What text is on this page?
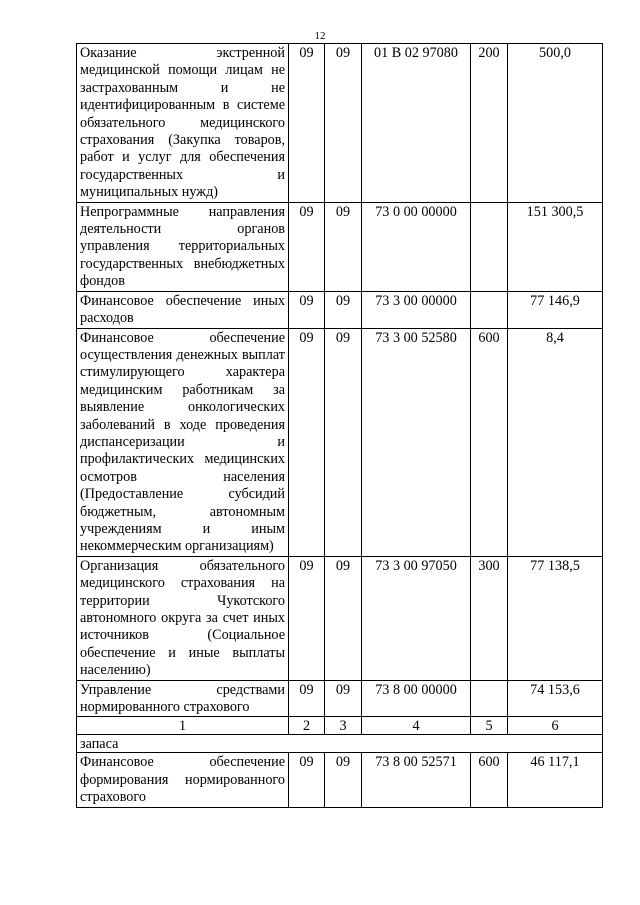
12
Оказание экстренной медицинской помощи лицам не застрахованным и не идентифицированным в системе обязательного медицинского страхования (Закупка товаров, работ и услуг для обеспечения государственных и муниципальных нужд)	09	09	01 В 02 97080	200	500,0
Непрограммные направления деятельности органов управления территориальных государственных внебюджетных фондов	09	09	73 0 00 00000		151 300,5
Финансовое обеспечение иных расходов	09	09	73 3 00 00000		77 146,9
Финансовое обеспечение осуществления денежных выплат стимулирующего характера медицинским работникам за выявление онкологических заболеваний в ходе проведения диспансеризации и профилактических медицинских осмотров населения (Предоставление субсидий бюджетным, автономным учреждениям и иным некоммерческим организациям)	09	09	73 3 00 52580	600	8,4
Организация обязательного медицинского страхования на территории Чукотского автономного округа за счет иных источников (Социальное обеспечение и иные выплаты населению)	09	09	73 3 00 97050	300	77 138,5
Управление средствами нормированного страхового	09	09	73 8 00 00000		74 153,6
1	2	3	4	5	6
запаса					
Финансовое обеспечение формирования нормированного страхового	09	09	73 8 00 52571	600	46 117,1
